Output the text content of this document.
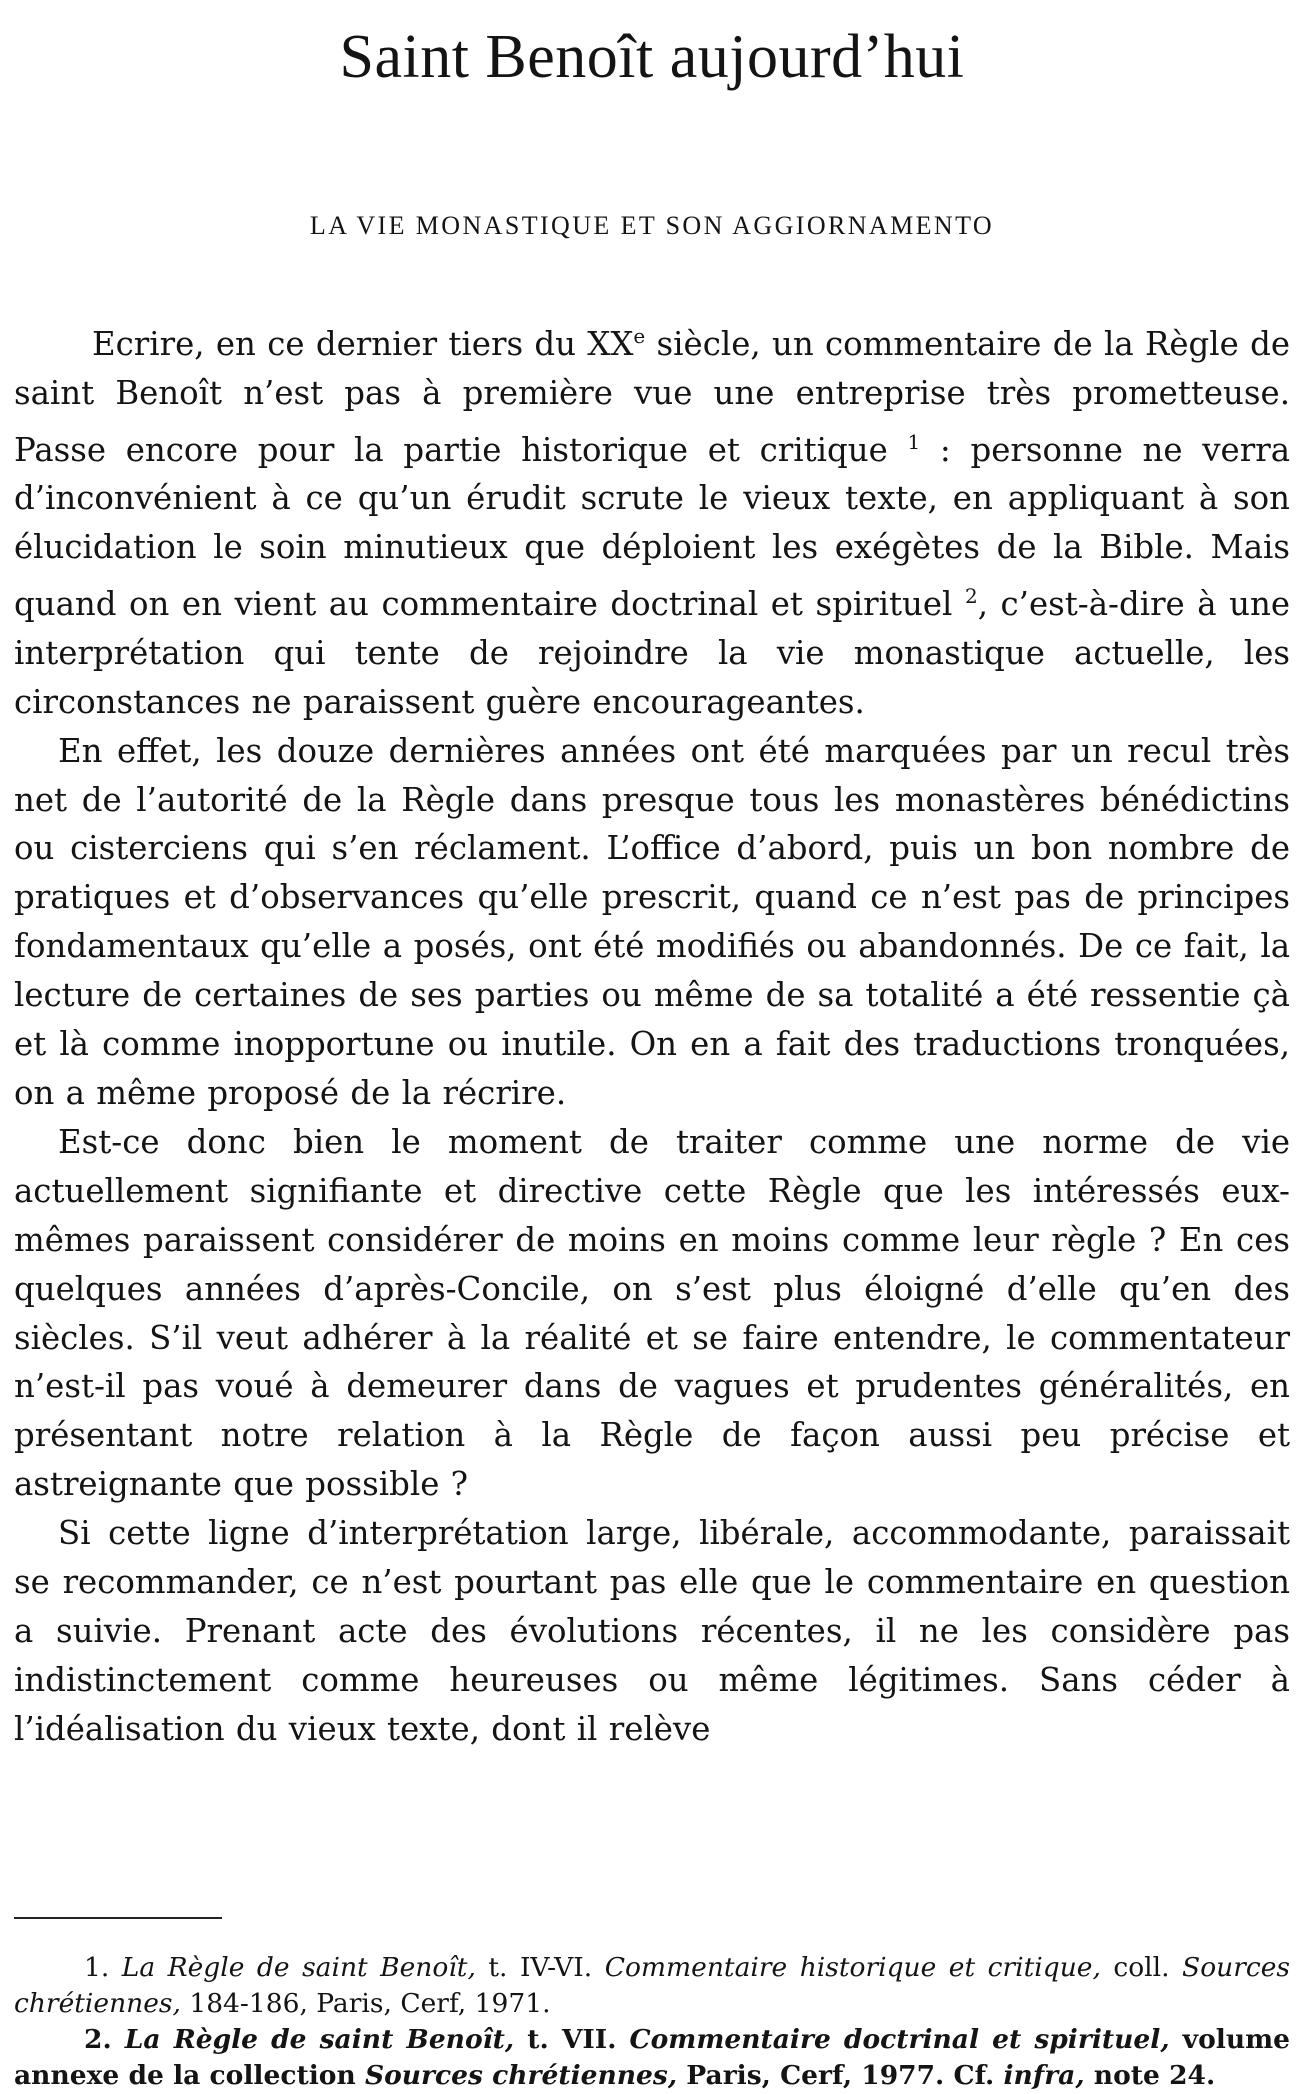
Saint Benoît aujourd’hui
LA VIE MONASTIQUE ET SON AGGIORNAMENTO

Ecrire, en ce dernier tiers du XXe siècle, un commentaire de la Règle de saint Benoît n’est pas à première vue une entreprise très prometteuse. Passe encore pour la partie historique et critique $^1$ : personne ne verra d’inconvénient à ce qu’un érudit scrute le vieux texte, en appliquant à son élucidation le soin minutieux que déploient les exégètes de la Bible. Mais quand on en vient au commentaire doctrinal et spirituel $^2$, c’est-à-dire à une interprétation qui tente de rejoindre la vie monastique actuelle, les circonstances ne paraissent guère encourageantes.

En effet, les douze dernières années ont été marquées par un recul très net de l’autorité de la Règle dans presque tous les monastères bénédictins ou cisterciens qui s’en réclament. L’office d’abord, puis un bon nombre de pratiques et d’observances qu’elle prescrit, quand ce n’est pas de principes fondamentaux qu’elle a posés, ont été modifiés ou abandonnés. De ce fait, la lecture de certaines de ses parties ou même de sa totalité a été ressentie çà et là comme inopportune ou inutile. On en a fait des traductions tronquées, on a même proposé de la récrire.

Est-ce donc bien le moment de traiter comme une norme de vie actuellement signifiante et directive cette Règle que les intéressés eux-mêmes paraissent considérer de moins en moins comme leur règle ? En ces quelques années d’après-Concile, on s’est plus éloigné d’elle qu’en des siècles. S’il veut adhérer à la réalité et se faire entendre, le commentateur n’est-il pas voué à demeurer dans de vagues et prudentes généralités, en présentant notre relation à la Règle de façon aussi peu précise et astreignante que possible ?

Si cette ligne d’interprétation large, libérale, accommodante, paraissait se recommander, ce n’est pourtant pas elle que le commentaire en question a suivie. Prenant acte des évolutions récentes, il ne les considère pas indistinctement comme heureuses ou même légitimes. Sans céder à l’idéalisation du vieux texte, dont il relève

1. La Règle de saint Benoît, t. IV-VI. Commentaire historique et critique, coll. Sources chrétiennes, 184-186, Paris, Cerf, 1971.

2. La Règle de saint Benoît, t. VII. Commentaire doctrinal et spirituel, volume annexe de la collection Sources chrétiennes, Paris, Cerf, 1977. Cf. infra, note 24.
